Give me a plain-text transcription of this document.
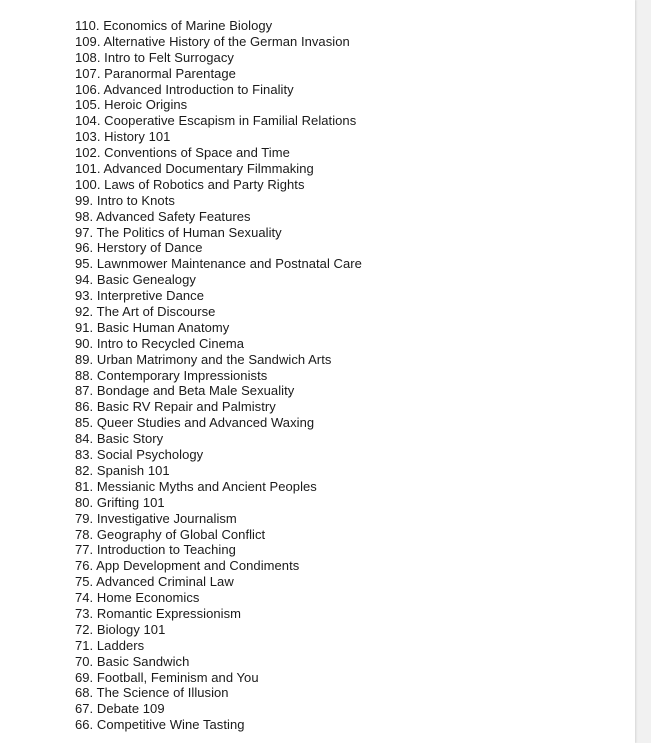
110. Economics of Marine Biology
109. Alternative History of the German Invasion
108. Intro to Felt Surrogacy
107. Paranormal Parentage
106. Advanced Introduction to Finality
105. Heroic Origins
104. Cooperative Escapism in Familial Relations
103. History 101
102. Conventions of Space and Time
101. Advanced Documentary Filmmaking
100. Laws of Robotics and Party Rights
99. Intro to Knots
98. Advanced Safety Features
97. The Politics of Human Sexuality
96. Herstory of Dance
95. Lawnmower Maintenance and Postnatal Care
94. Basic Genealogy
93. Interpretive Dance
92. The Art of Discourse
91. Basic Human Anatomy
90. Intro to Recycled Cinema
89. Urban Matrimony and the Sandwich Arts
88. Contemporary Impressionists
87. Bondage and Beta Male Sexuality
86. Basic RV Repair and Palmistry
85. Queer Studies and Advanced Waxing
84. Basic Story
83. Social Psychology
82. Spanish 101
81. Messianic Myths and Ancient Peoples
80. Grifting 101
79. Investigative Journalism
78. Geography of Global Conflict
77. Introduction to Teaching
76. App Development and Condiments
75. Advanced Criminal Law
74. Home Economics
73. Romantic Expressionism
72. Biology 101
71. Ladders
70. Basic Sandwich
69. Football, Feminism and You
68. The Science of Illusion
67. Debate 109
66. Competitive Wine Tasting
